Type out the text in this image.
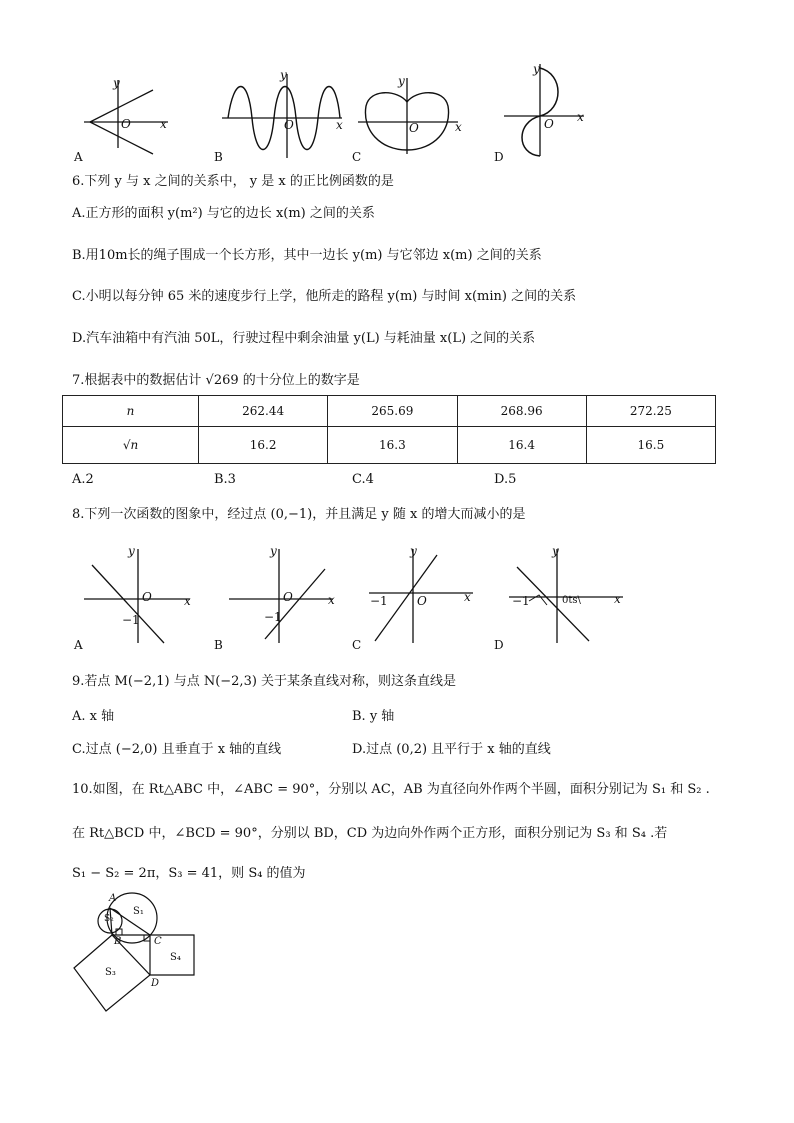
y
x
O
A
y
x
O
B
y
x
O
C
y
x
O
D
6.下列 y 与 x 之间的关系中， y 是 x 的正比例函数的是
A.正方形的面积 y(m²) 与它的边长 x(m) 之间的关系
B.用10m长的绳子围成一个长方形，其中一边长 y(m) 与它邻边 x(m) 之间的关系
C.小明以每分钟 65 米的速度步行上学，他所走的路程 y(m) 与时间 x(min) 之间的关系
D.汽车油箱中有汽油 50L，行驶过程中剩余油量 y(L) 与耗油量 x(L) 之间的关系
7.根据表中的数据估计 √269 的十分位上的数字是
n	262.44	265.69	268.96	272.25
√n	16.2	16.3	16.4	16.5
A.2	B.3	C.4	D.5
8.下列一次函数的图象中，经过点 (0,−1)，并且满足 y 随 x 的增大而减小的是
y
x
O
−1
A
y
x
O
−1
B
y
x
O
−1
C
y
x
−1	0ts\
D
9.若点 M(−2,1) 与点 N(−2,3) 关于某条直线对称，则这条直线是
A. x 轴	B. y 轴
C.过点 (−2,0) 且垂直于 x 轴的直线	D.过点 (0,2) 且平行于 x 轴的直线
10.如图，在 Rt△ABC 中，∠ABC = 90°，分别以 AC，AB 为直径向外作两个半圆，面积分别记为 S₁ 和 S₂ .
在 Rt△BCD 中，∠BCD = 90°，分别以 BD，CD 为边向外作两个正方形，面积分别记为 S₃ 和 S₄ .若
S₁ − S₂ = 2π，S₃ = 41，则 S₄ 的值为
A
B	C
D
S₁
S₂
S₃
S₄
